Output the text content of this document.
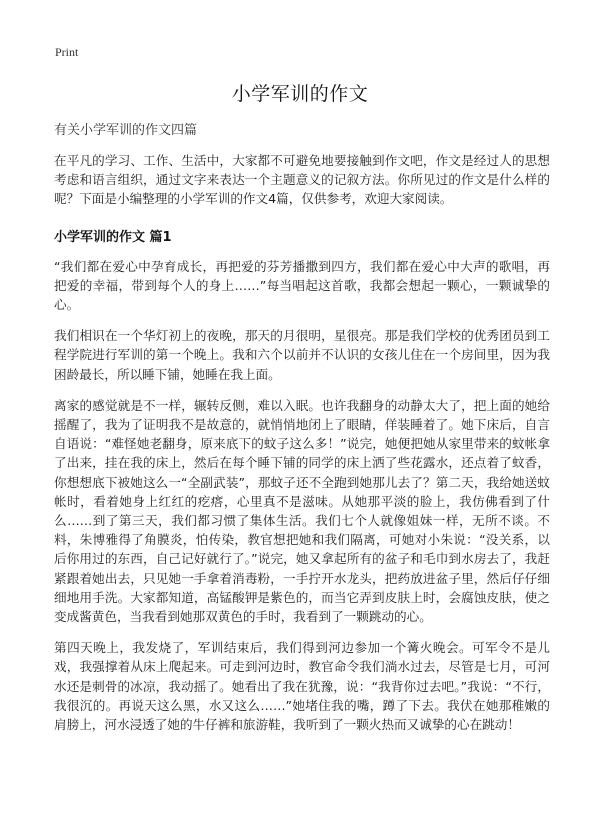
Print
小学军训的作文
有关小学军训的作文四篇

在平凡的学习、工作、生活中，大家都不可避免地要接触到作文吧，作文是经过人的思想考虑和语言组织，通过文字来表达一个主题意义的记叙方法。你所见过的作文是什么样的呢？下面是小编整理的小学军训的作文4篇，仅供参考，欢迎大家阅读。

小学军训的作文 篇1

“我们都在爱心中孕育成长，再把爱的芬芳播撒到四方，我们都在爱心中大声的歌唱，再把爱的幸福，带到每个人的身上……”每当唱起这首歌，我都会想起一颗心，一颗诚挚的心。

我们相识在一个华灯初上的夜晚，那天的月很明，星很亮。那是我们学校的优秀团员到工程学院进行军训的第一个晚上。我和六个以前并不认识的女孩儿住在一个房间里，因为我困龄最长，所以睡下铺，她睡在我上面。

离家的感觉就是不一样，辗转反侧，难以入眠。也许我翻身的动静太大了，把上面的她给摇醒了，我为了证明我不是故意的，就悄悄地闭上了眼睛，佯装睡着了。她下床后，自言自语说：“难怪她老翻身，原来底下的蚊子这么多！”说完，她便把她从家里带来的蚊帐拿了出来，挂在我的床上，然后在每个睡下铺的同学的床上洒了些花露水，还点着了蚊香，你想想底下被她这么一“全副武装”，那蚊子还不全跑到她那儿去了？第二天，我给她送蚊帐时，看着她身上红红的疙瘩，心里真不是滋味。从她那平淡的脸上，我仿佛看到了什么……到了第三天，我们都习惯了集体生活。我们七个人就像姐妹一样，无所不谈。不料，朱博雅得了角膜炎，怕传染，教官想把她和我们隔离，可她对小朱说：“没关系，以后你用过的东西，自己记好就行了。”说完，她又拿起所有的盆子和毛巾到水房去了，我赶紧跟着她出去，只见她一手拿着消毒粉，一手拧开水龙头，把药放进盆子里，然后仔仔细细地用手洗。大家都知道，高锰酸钾是紫色的，而当它弄到皮肤上时，会腐蚀皮肤，使之变成酱黄色，当我看到她那双黄色的手时，我看到了一颗跳动的心。

第四天晚上，我发烧了，军训结束后，我们得到河边参加一个篝火晚会。可军令不是儿戏，我强撑着从床上爬起来。可走到河边时，教官命令我们淌水过去，尽管是七月，可河水还是刺骨的冰凉，我动摇了。她看出了我在犹豫，说：“我背你过去吧。”我说：“不行，我很沉的。再说天这么黑，水又这么……”她堵住我的嘴，蹲了下去。我伏在她那稚嫩的肩膀上，河水浸透了她的牛仔裤和旅游鞋，我听到了一颗火热而又诚挚的心在跳动！
